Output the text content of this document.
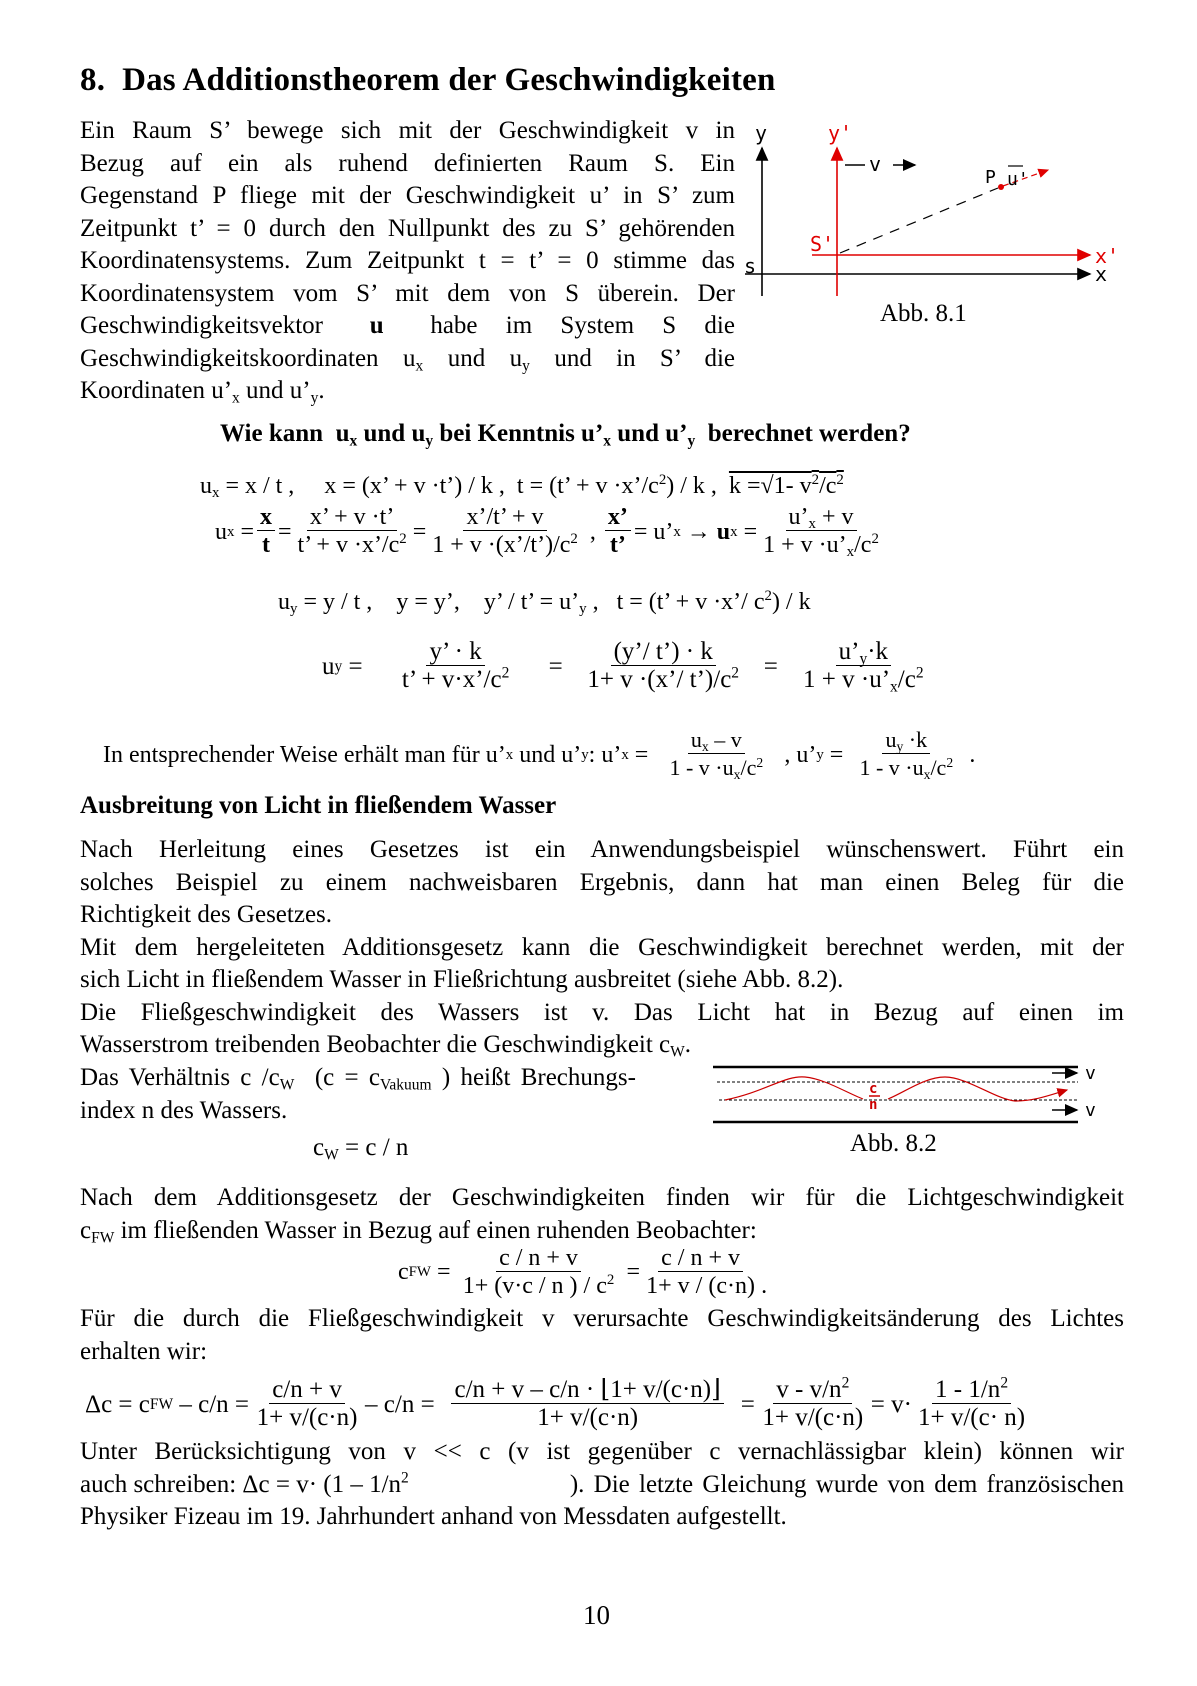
8. Das Additionstheorem der Geschwindigkeiten
Ein Raum S’ bewege sich mit der Geschwindigkeit v in
Bezug auf ein als ruhend definierten Raum S. Ein
Gegenstand P fliege mit der Geschwindigkeit u’ in S’ zum
Zeitpunkt t’ = 0 durch den Nullpunkt des zu S’ gehörenden
Koordinatensystems. Zum Zeitpunkt t = t’ = 0 stimme das
Koordinatensystem vom S’ mit dem von S überein. Der
Geschwindigkeitsvektor u habe im System S die
Geschwindigkeitskoordinaten $u_x$ und $u_y$ und in S’ die
Koordinaten $u’_x$ und $u’_y$.
y	y'
s
S'
x
x'
v
P u'
Abb. 8.1
Wie kann  $u_x$ und $u_y$ bei Kenntnis $u’_x$ und $u’_y$ berechnet werden?
$u_x = x / t$ , x = (x’ + v ·t’) / k , t = (t’ + $v \cdot x’/c^2) / k$ , k =√1- $v^2/c^2$
u $x = \frac{x}{t} = \frac{x’ + v \cdot t’}{t’ + v \cdot x’/c^2} = \frac{x’/t’ + v}{1 + v \cdot(x’/t’)/c^2}$ , $\frac{x’}{t’} = u$’ x
→
u $x = \frac{u’_x + v}{1 + v \cdot u’_x/c^2}$
$u_y = y / t$ , y = y’, y’ / t’ = $u’_y$ , t = (t’ + v ·x’/ $c^2$) / k
u $y = \frac{y’ \cdot k}{t’ + v\cdot x’/c^2} = \frac{(y’/ t’) \cdot k}{1+ v \cdot(x’/ t’)/c^2} = \frac{u’_y\cdot k}{1 + v \cdot u’_x/c^2}$
In entsprechender Weise erhält man für u’ x
und u’ y :
u’ $x = \frac{u_x - v}{1 - v \cdot u_x/c^2}$ ,
u’ $y = \frac{u_y \cdot k}{1 - v \cdot u_x/c^2}$ .
Ausbreitung von Licht in fließendem Wasser
Nach Herleitung eines Gesetzes ist ein Anwendungsbeispiel wünschenswert. Führt ein
solches Beispiel zu einem nachweisbaren Ergebnis, dann hat man einen Beleg für die
Richtigkeit des Gesetzes.
Mit dem hergeleiteten Additionsgesetz kann die Geschwindigkeit berechnet werden, mit der
sich Licht in fließendem Wasser in Fließrichtung ausbreitet (siehe Abb. 8.2).
Die Fließgeschwindigkeit des Wassers ist v. Das Licht hat in Bezug auf einen im
Wasserstrom treibenden Beobachter die Geschwindigkeit $c_W$.
Das Verhältnis c $/c_W$ ($c = c_{Vakuum}$ ) heißt Brechungs-
index n des Wassers.
$c_W = c / n$
v
v
c
n
Abb. 8.2
Nach dem Additionsgesetz der Geschwindigkeiten finden wir für die Lichtgeschwindigkeit
$c_{FW}$ im fließenden Wasser in Bezug auf einen ruhenden Beobachter:
c FW = $\frac{c / n + v}{1+ (v\cdot c / n ) / c^2} = \frac{c / n + v}{1+ v / (c\cdot n)}$ .
Für die durch die Fließgeschwindigkeit v verursachte Geschwindigkeitsänderung des Lichtes
erhalten wir:
Δc = c FW
– $c/n = \frac{c/n + v}{1+ v/(c\cdot n)} - c/n = \frac{c/n + v - c/n \cdot ⌊1+ v/(c\cdot n)⌋}{1+ v/(c\cdot n)} = \frac{v - v/n^2}{1+ v/(c\cdot n)} = v\cdot \frac{1 - 1/n^2}{1+ v/(c\cdot n)}$
Unter Berücksichtigung von v << c (v ist gegenüber c vernachlässigbar klein) können wir
auch schreiben: $\Delta c = v\cdot (1 - 1/n^2$	). Die letzte Gleichung wurde von dem französischen
Physiker Fizeau im 19. Jahrhundert anhand von Messdaten aufgestellt.
10
